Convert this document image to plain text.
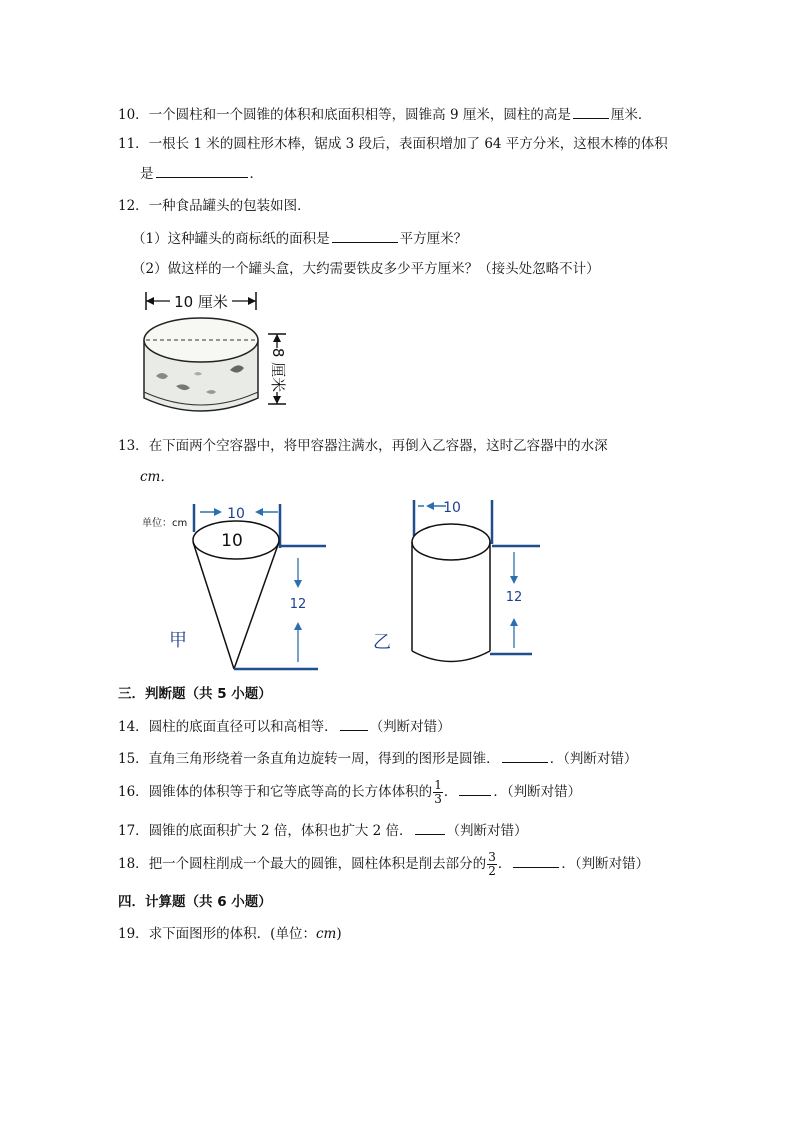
10．一个圆柱和一个圆锥的体积和底面积相等，圆锥高 9 厘米，圆柱的高是	厘米．
11．一根长 1 米的圆柱形木棒，锯成 3 段后，表面积增加了 64 平方分米，这根木棒的体积
是	．
12．一种食品罐头的包装如图．
（1）这种罐头的商标纸的面积是	平方厘米？
（2）做这样的一个罐头盒，大约需要铁皮多少平方厘米？（接头处忽略不计）
10 厘米
8 厘米
13．在下面两个空容器中，将甲容器注满水，再倒入乙容器，这时乙容器中的水深
cm．
单位：cm
10
10
12
甲
10
12
乙
三．判断题（共 5 小题）
14．圆柱的底面直径可以和高相等． （判断对错）
15．直角三角形绕着一条直角边旋转一周，得到的图形是圆锥．	．（判断对错）
16．圆锥体的体积等于和它等底等高的长方体体积的 $\frac{1}{3}$ ．	．（判断对错）
17．圆锥的底面积扩大 2 倍，体积也扩大 2 倍．	（判断对错）
18．把一个圆柱削成一个最大的圆锥，圆柱体积是削去部分的 $\frac{3}{2}$ ．	．（判断对错）
四．计算题（共 6 小题）
19．求下面图形的体积．(单位：cm)
